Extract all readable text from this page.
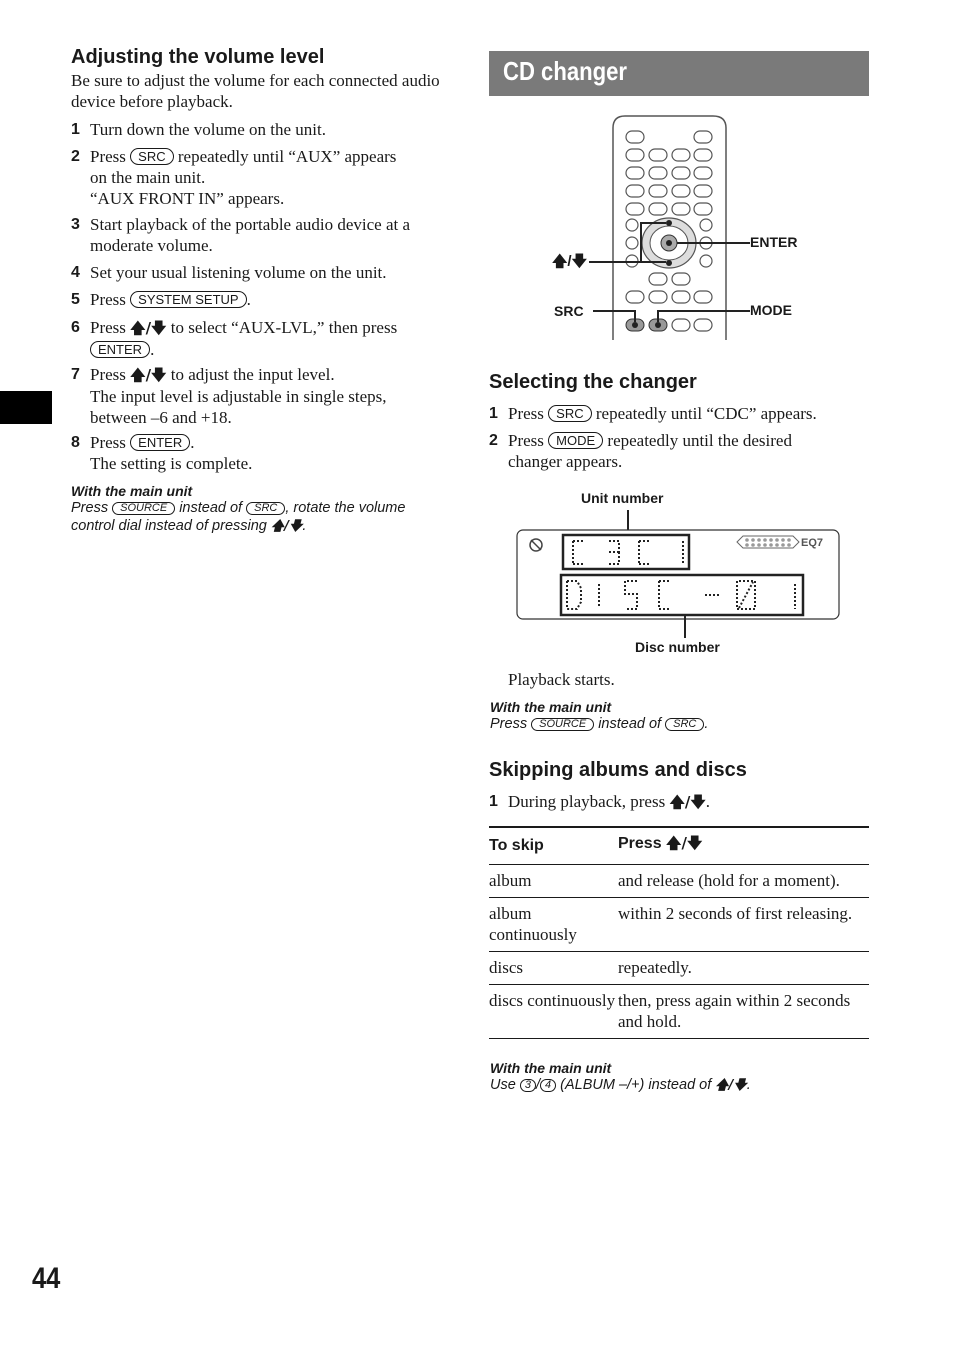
Adjusting the volume level
Be sure to adjust the volume for each connected audio device before playback.
1 Turn down the volume on the unit.
2 Press SRC repeatedly until “AUX” appears
on the main unit.
“AUX FRONT IN” appears.
3 Start playback of the portable audio device at a
moderate volume.
4 Set your usual listening volume on the unit.
5 Press SYSTEM SETUP .
6 Press 🡅/🡇 to select “AUX-LVL,” then press
ENTER .
7 Press 🡅/🡇 to adjust the input level.
The input level is adjustable in single steps,
between –6 and +18.
8 Press ENTER .
The setting is complete.
With the main unit
Press SOURCE instead of SRC , rotate the volume
control dial instead of pressing 🡅/🡇.
44
CD changer
ENTER
🡅/🡇
SRC	MODE
Selecting the changer
1 Press SRC repeatedly until “CDC” appears.
2 Press MODE repeatedly until the desired
changer appears.
Unit number
EQ7
Disc number
Playback starts.
With the main unit
Press SOURCE instead of SRC .
Skipping albums and discs
1 During playback, press 🡅/🡇.
To skip	Press 🡅/🡇
album	and release (hold for a moment).
album continuously	within 2 seconds of first releasing.
discs	repeatedly.
discs continuously	then, press again within 2 seconds and hold.
With the main unit
Use 3 / 4 (ALBUM –/+) instead of 🡅/🡇.
